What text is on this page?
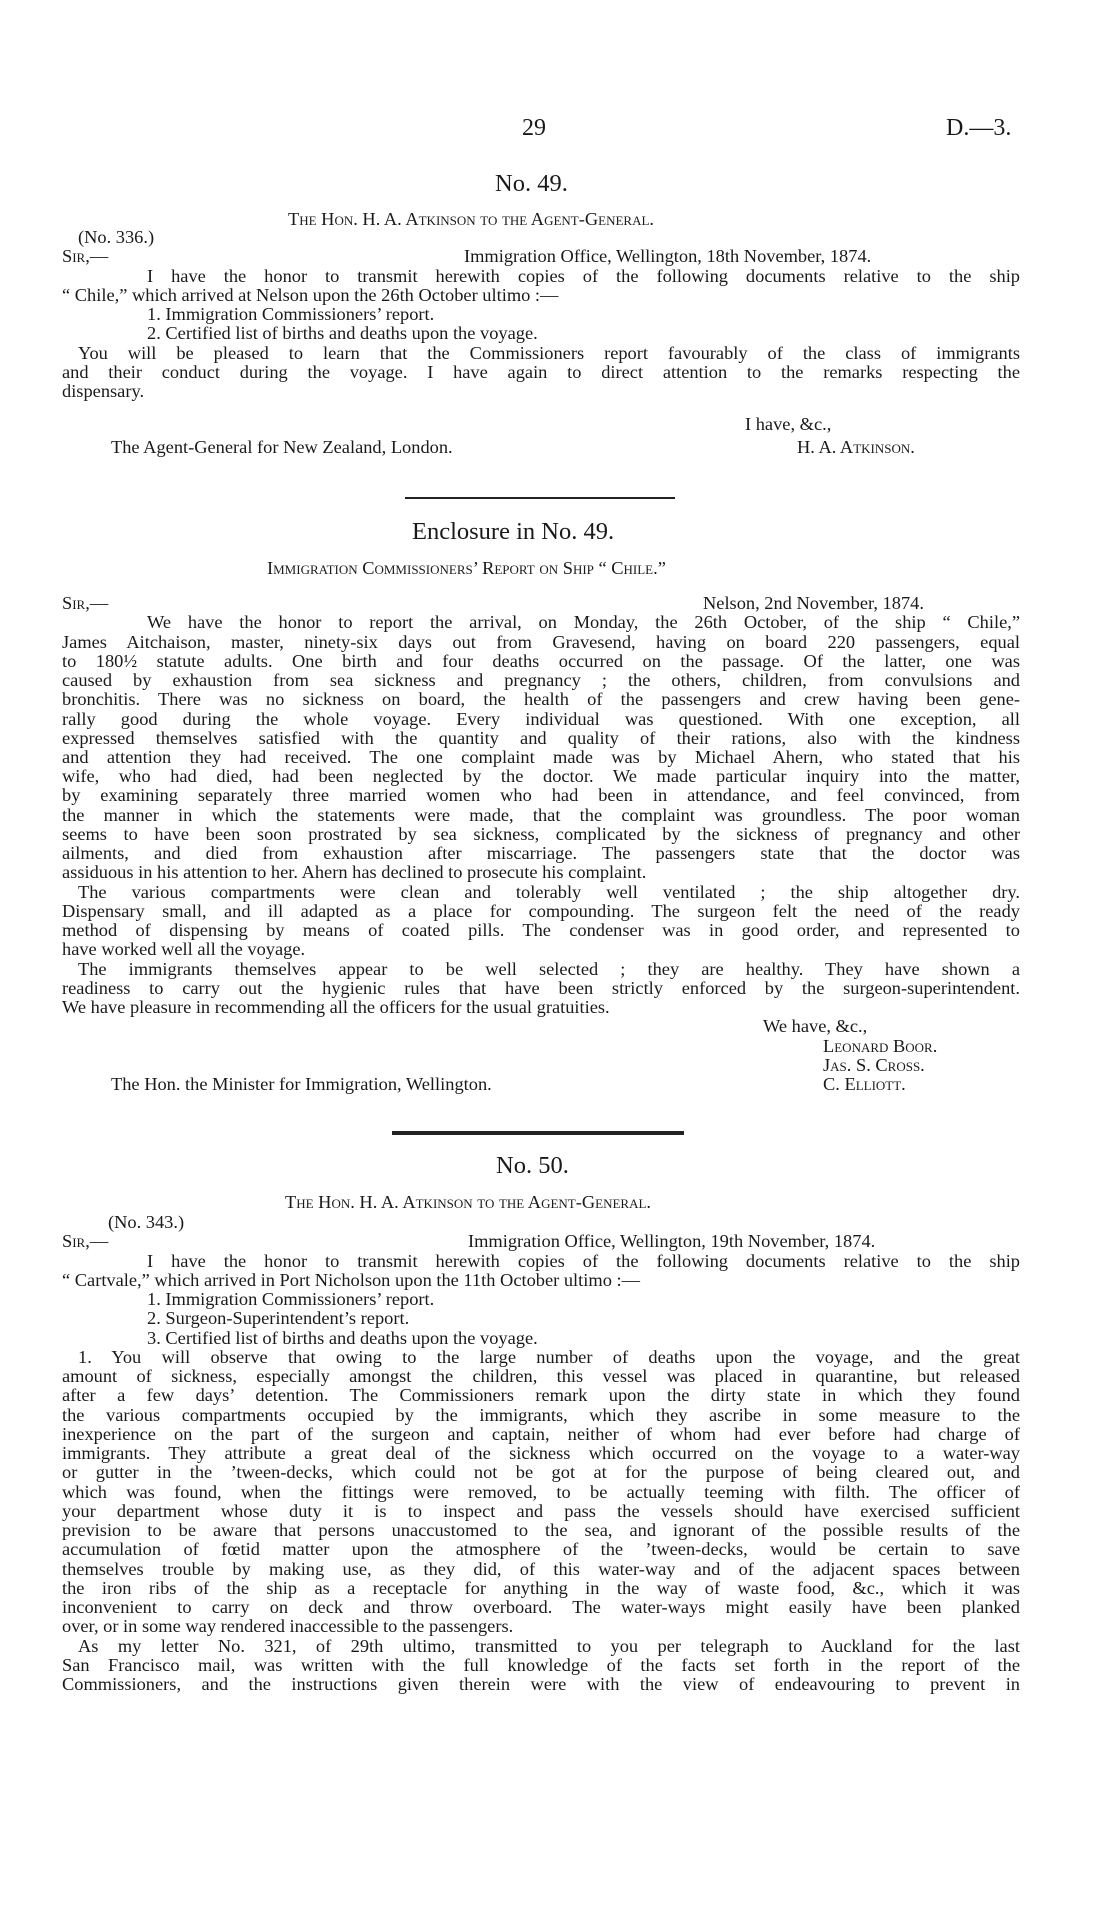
29	D.—3.
No. 49.
The Hon. H. A. Atkinson to the Agent-General.
(No. 336.)
Sir,—	Immigration Office, Wellington, 18th November, 1874.
I have the honor to transmit herewith copies of the following documents relative to the ship
“ Chile,” which arrived at Nelson upon the 26th October ultimo :—
1. Immigration Commissioners’ report.
2. Certified list of births and deaths upon the voyage.
You will be pleased to learn that the Commissioners report favourably of the class of immigrants
and their conduct during the voyage. I have again to direct attention to the remarks respecting the
dispensary.
I have, &c.,
The Agent-General for New Zealand, London.	H. A. Atkinson.
Enclosure in No. 49.
Immigration Commissioners’ Report on Ship “ Chile.”
Sir,—	Nelson, 2nd November, 1874.
We have the honor to report the arrival, on Monday, the 26th October, of the ship “ Chile,”
James Aitchaison, master, ninety-six days out from Gravesend, having on board 220 passengers, equal
to 180½ statute adults. One birth and four deaths occurred on the passage. Of the latter, one was
caused by exhaustion from sea sickness and pregnancy ; the others, children, from convulsions and
bronchitis. There was no sickness on board, the health of the passengers and crew having been gene-
rally good during the whole voyage. Every individual was questioned. With one exception, all
expressed themselves satisfied with the quantity and quality of their rations, also with the kindness
and attention they had received. The one complaint made was by Michael Ahern, who stated that his
wife, who had died, had been neglected by the doctor. We made particular inquiry into the matter,
by examining separately three married women who had been in attendance, and feel convinced, from
the manner in which the statements were made, that the complaint was groundless. The poor woman
seems to have been soon prostrated by sea sickness, complicated by the sickness of pregnancy and other
ailments, and died from exhaustion after miscarriage. The passengers state that the doctor was
assiduous in his attention to her. Ahern has declined to prosecute his complaint.
The various compartments were clean and tolerably well ventilated ; the ship altogether dry.
Dispensary small, and ill adapted as a place for compounding. The surgeon felt the need of the ready
method of dispensing by means of coated pills. The condenser was in good order, and represented to
have worked well all the voyage.
The immigrants themselves appear to be well selected ; they are healthy. They have shown a
readiness to carry out the hygienic rules that have been strictly enforced by the surgeon-superintendent.
We have pleasure in recommending all the officers for the usual gratuities.
We have, &c.,
Leonard Boor.
Jas. S. Cross.
The Hon. the Minister for Immigration, Wellington.	C. Elliott.
No. 50.
The Hon. H. A. Atkinson to the Agent-General.
(No. 343.)
Sir,—	Immigration Office, Wellington, 19th November, 1874.
I have the honor to transmit herewith copies of the following documents relative to the ship
“ Cartvale,” which arrived in Port Nicholson upon the 11th October ultimo :—
1. Immigration Commissioners’ report.
2. Surgeon-Superintendent’s report.
3. Certified list of births and deaths upon the voyage.
1. You will observe that owing to the large number of deaths upon the voyage, and the great
amount of sickness, especially amongst the children, this vessel was placed in quarantine, but released
after a few days’ detention. The Commissioners remark upon the dirty state in which they found
the various compartments occupied by the immigrants, which they ascribe in some measure to the
inexperience on the part of the surgeon and captain, neither of whom had ever before had charge of
immigrants. They attribute a great deal of the sickness which occurred on the voyage to a water-way
or gutter in the ’tween-decks, which could not be got at for the purpose of being cleared out, and
which was found, when the fittings were removed, to be actually teeming with filth. The officer of
your department whose duty it is to inspect and pass the vessels should have exercised sufficient
prevision to be aware that persons unaccustomed to the sea, and ignorant of the possible results of the
accumulation of fœtid matter upon the atmosphere of the ’tween-decks, would be certain to save
themselves trouble by making use, as they did, of this water-way and of the adjacent spaces between
the iron ribs of the ship as a receptacle for anything in the way of waste food, &c., which it was
inconvenient to carry on deck and throw overboard. The water-ways might easily have been planked
over, or in some way rendered inaccessible to the passengers.
As my letter No. 321, of 29th ultimo, transmitted to you per telegraph to Auckland for the last
San Francisco mail, was written with the full knowledge of the facts set forth in the report of the
Commissioners, and the instructions given therein were with the view of endeavouring to prevent in
